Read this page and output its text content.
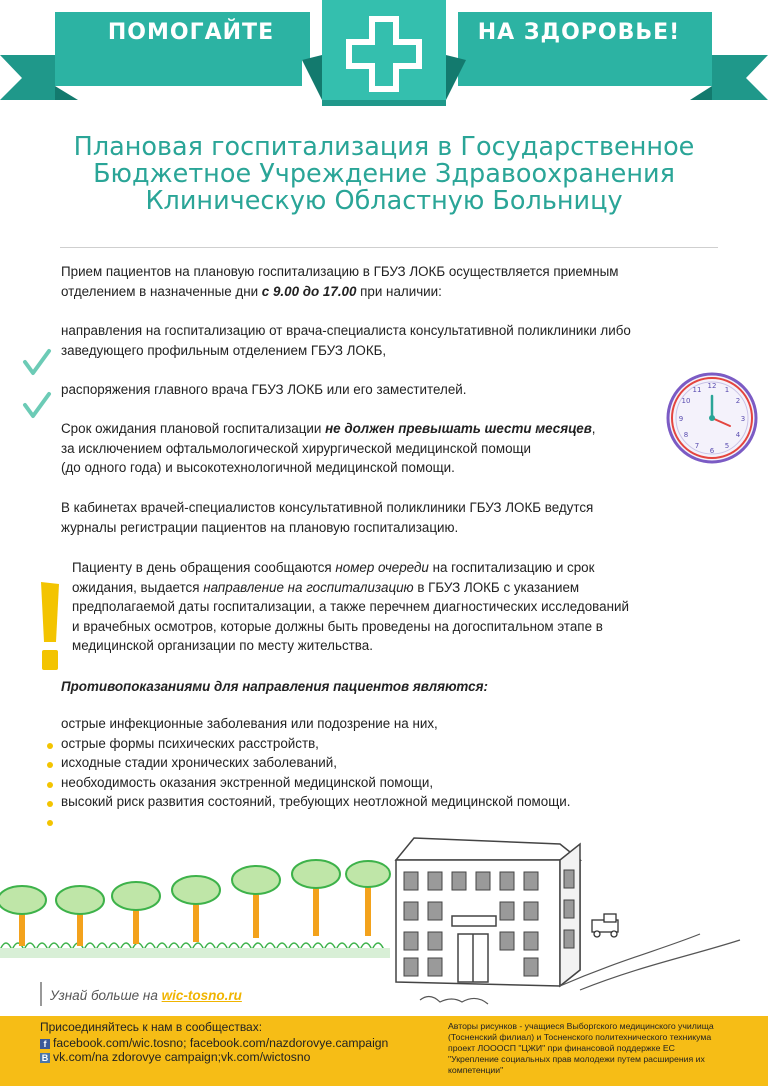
ПОМОГАЙТЕ	НА ЗДОРОВЬЕ!
Плановая госпитализация в Государственное
Бюджетное Учреждение Здравоохранения
Клиническую Областную Больницу
Прием пациентов на плановую госпитализацию в ГБУЗ ЛОКБ осуществляется приемным
отделением в назначенные дни с 9.00 до 17.00 при наличии:
направления на госпитализацию от врача-специалиста консультативной поликлиники либо
заведующего профильным отделением ГБУЗ ЛОКБ,
распоряжения главного врача ГБУЗ ЛОКБ или его заместителей.
Срок ожидания плановой госпитализации не должен превышать шести месяцев,
за исключением офтальмологической хирургической медицинской помощи
(до одного года) и высокотехнологичной медицинской помощи.
12 1
2
3
4
5
6
7
8
9
10
11
В кабинетах врачей-специалистов консультативной поликлиники ГБУЗ ЛОКБ ведутся
журналы регистрации пациентов на плановую госпитализацию.
Пациенту в день обращения сообщаются номер очереди на госпитализацию и срок
ожидания, выдается направление на госпитализацию в ГБУЗ ЛОКБ с указанием
предполагаемой даты госпитализации, а также перечнем диагностических исследований
и врачебных осмотров, которые должны быть проведены на догоспитальном этапе в
медицинской организации по месту жительства.
Противопоказаниями для направления пациентов являются:
острые инфекционные заболевания или подозрение на них,
острые формы психических расстройств,
исходные стадии хронических заболеваний,
необходимость оказания экстренной медицинской помощи,
высокий риск развития состояний, требующих неотложной медицинской помощи.
Узнай больше на wic-tosno.ru
Присоединяйтесь к нам в сообществах:
f facebook.com/wic.tosno; facebook.com/nazdorovye.campaign
B vk.com/na zdorovye campaign;vk.com/wictosno
Авторы рисунков - учащиеся Выборгского медицинского училища
(Тосненский филиал) и Тосненского политехнического техникума
проект ЛОООСП "ЦЖИ" при финансовой поддержке ЕС
"Укрепление социальных прав молодежи путем расширения их
компетенции"
